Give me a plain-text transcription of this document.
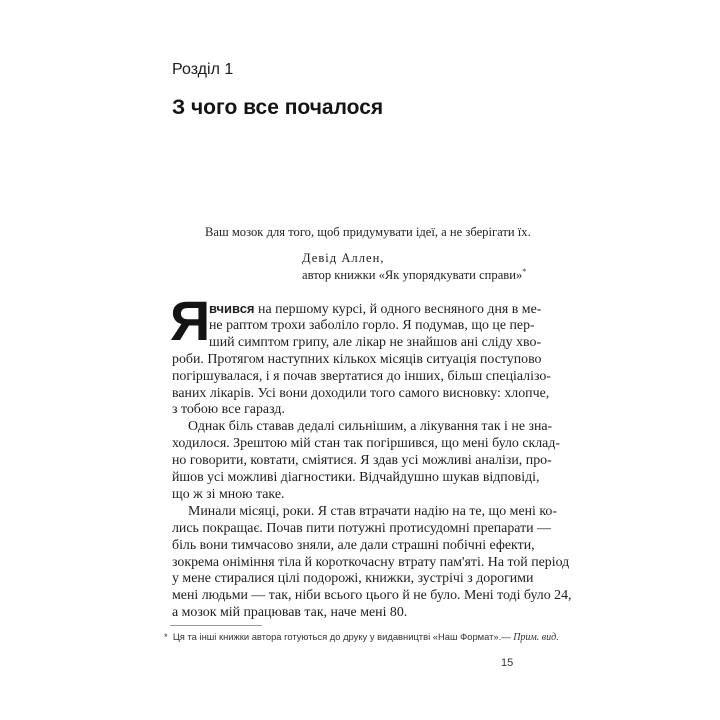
Розділ 1
З чого все почалося
Ваш мозок для того, щоб придумувати ідеї, а не зберігати їх.
Девід Аллен,
автор книжки «Як упорядкувати справи»*
Я
вчився на першому курсі, й одного весняного дня в ме-
не раптом трохи заболіло горло. Я подумав, що це пер-
ший симптом грипу, але лікар не знайшов ані сліду хво-
роби. Протягом наступних кількох місяців ситуація поступово
погіршувалася, і я почав звертатися до інших, більш спеціалізо-
ваних лікарів. Усі вони доходили того самого висновку: хлопче,
з тобою все гаразд.
Однак біль ставав дедалі сильнішим, а лікування так і не зна-
ходилося. Зрештою мій стан так погіршився, що мені було склад-
но говорити, ковтати, сміятися. Я здав усі можливі аналізи, про-
йшов усі можливі діагностики. Відчайдушно шукав відповіді,
що ж зі мною таке.
Минали місяці, роки. Я став втрачати надію на те, що мені ко-
лись покращає. Почав пити потужні протисудомні препарати —
біль вони тимчасово зняли, але дали страшні побічні ефекти,
зокрема оніміння тіла й короткочасну втрату пам'яті. На той період
у мене стиралися цілі подорожі, книжки, зустрічі з дорогими
мені людьми — так, ніби всього цього й не було. Мені тоді було 24,
а мозок мій працював так, наче мені 80.
* Ця та інші книжки автора готуються до друку у видавництві «Наш Формат».— Прим. вид.
15
